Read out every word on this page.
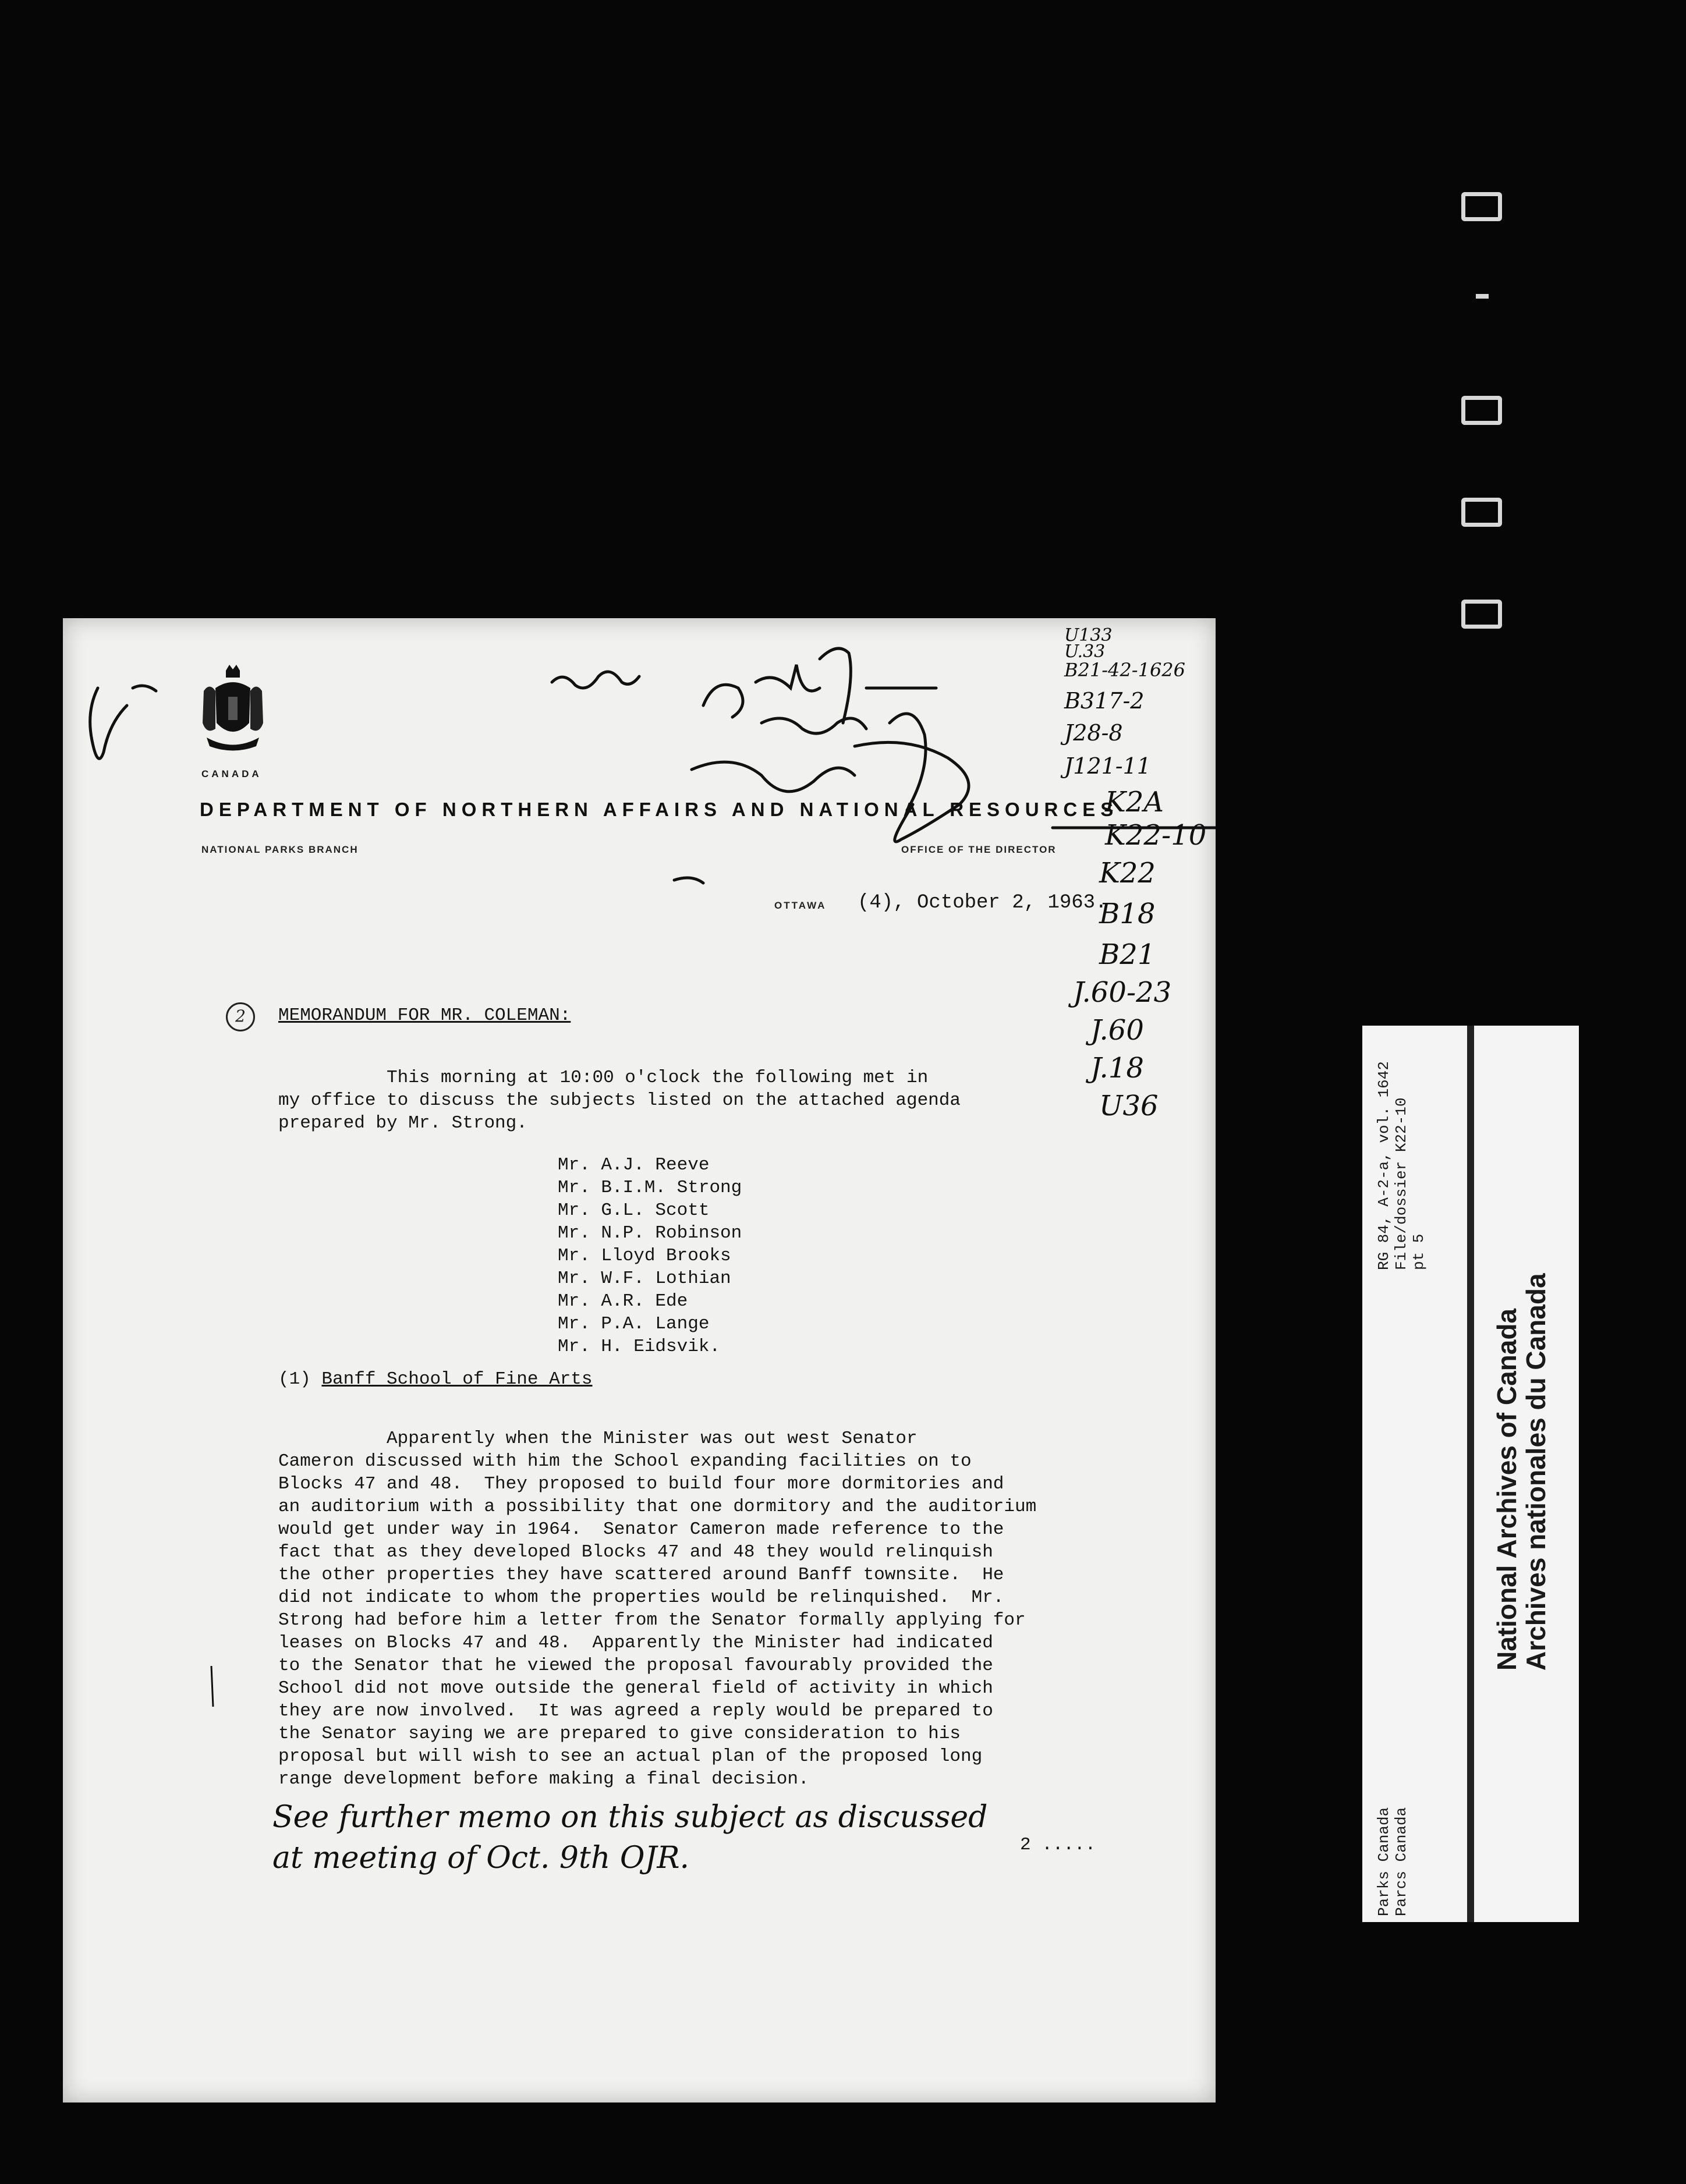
CANADA
DEPARTMENT OF NORTHERN AFFAIRS AND NATIONAL RESOURCES
NATIONAL PARKS BRANCH	OFFICE OF THE DIRECTOR
OTTAWA (4), October 2, 1963.
2	MEMORANDUM FOR MR. COLEMAN:
This morning at 10:00 o'clock the following met in
my office to discuss the subjects listed on the attached agenda
prepared by Mr. Strong.
Mr. A.J. Reeve
Mr. B.I.M. Strong
Mr. G.L. Scott
Mr. N.P. Robinson
Mr. Lloyd Brooks
Mr. W.F. Lothian
Mr. A.R. Ede
Mr. P.A. Lange
Mr. H. Eidsvik.
(1) Banff School of Fine Arts
Apparently when the Minister was out west Senator
Cameron discussed with him the School expanding facilities on to
Blocks 47 and 48.  They proposed to build four more dormitories and
an auditorium with a possibility that one dormitory and the auditorium
would get under way in 1964.  Senator Cameron made reference to the
fact that as they developed Blocks 47 and 48 they would relinquish
the other properties they have scattered around Banff townsite.  He
did not indicate to whom the properties would be relinquished.  Mr.
Strong had before him a letter from the Senator formally applying for
leases on Blocks 47 and 48.  Apparently the Minister had indicated
to the Senator that he viewed the proposal favourably provided the
School did not move outside the general field of activity in which
they are now involved.  It was agreed a reply would be prepared to
the Senator saying we are prepared to give consideration to his
proposal but will wish to see an actual plan of the proposed long
range development before making a final decision.
See further memo on this subject as discussed
at meeting of Oct. 9th OJR.	2 .....
U133
U.33
B21-42-1626
B317-2
J28-8
J121-11
K2A
K22-10
K22
B18
B21
J.60-23
J.60
J.18
U36	RG 84, A-2-a, vol. 1642 File/dossier K22-10 pt 5
National Archives of Canada
Archives nationales du Canada
Parks Canada Parcs Canada
